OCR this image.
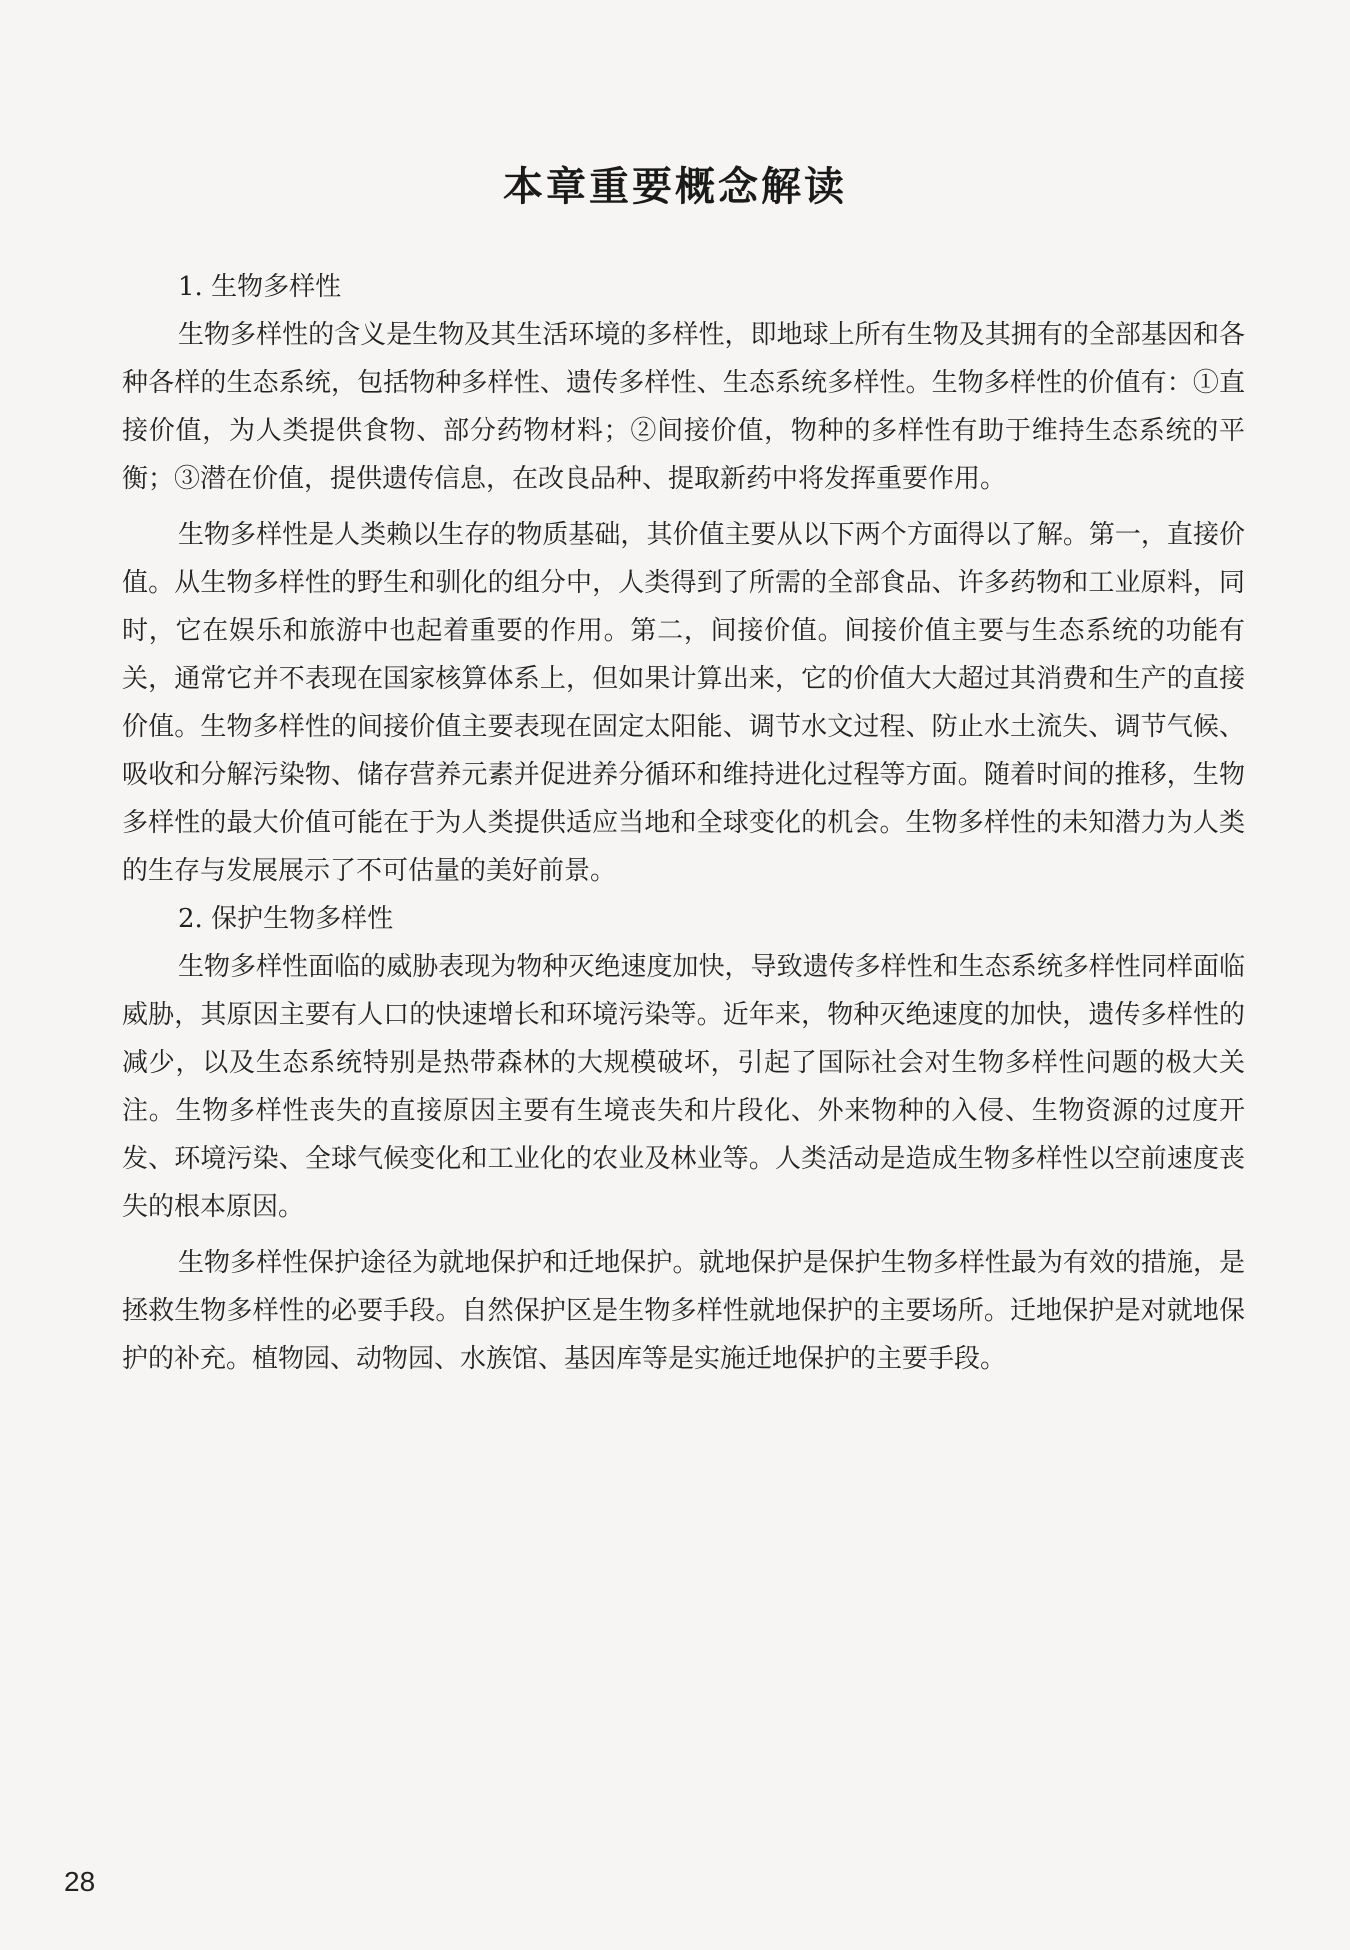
本章重要概念解读

1. 生物多样性

生物多样性的含义是生物及其生活环境的多样性，即地球上所有生物及其拥有的全部基因和各种各样的生态系统，包括物种多样性、遗传多样性、生态系统多样性。生物多样性的价值有：①直接价值，为人类提供食物、部分药物材料；②间接价值，物种的多样性有助于维持生态系统的平衡；③潜在价值，提供遗传信息，在改良品种、提取新药中将发挥重要作用。

生物多样性是人类赖以生存的物质基础，其价值主要从以下两个方面得以了解。第一，直接价值。从生物多样性的野生和驯化的组分中，人类得到了所需的全部食品、许多药物和工业原料，同时，它在娱乐和旅游中也起着重要的作用。第二，间接价值。间接价值主要与生态系统的功能有关，通常它并不表现在国家核算体系上，但如果计算出来，它的价值大大超过其消费和生产的直接价值。生物多样性的间接价值主要表现在固定太阳能、调节水文过程、防止水土流失、调节气候、吸收和分解污染物、储存营养元素并促进养分循环和维持进化过程等方面。随着时间的推移，生物多样性的最大价值可能在于为人类提供适应当地和全球变化的机会。生物多样性的未知潜力为人类的生存与发展展示了不可估量的美好前景。

2. 保护生物多样性

生物多样性面临的威胁表现为物种灭绝速度加快，导致遗传多样性和生态系统多样性同样面临威胁，其原因主要有人口的快速增长和环境污染等。近年来，物种灭绝速度的加快，遗传多样性的减少，以及生态系统特别是热带森林的大规模破坏，引起了国际社会对生物多样性问题的极大关注。生物多样性丧失的直接原因主要有生境丧失和片段化、外来物种的入侵、生物资源的过度开发、环境污染、全球气候变化和工业化的农业及林业等。人类活动是造成生物多样性以空前速度丧失的根本原因。

生物多样性保护途径为就地保护和迁地保护。就地保护是保护生物多样性最为有效的措施，是拯救生物多样性的必要手段。自然保护区是生物多样性就地保护的主要场所。迁地保护是对就地保护的补充。植物园、动物园、水族馆、基因库等是实施迁地保护的主要手段。

28
